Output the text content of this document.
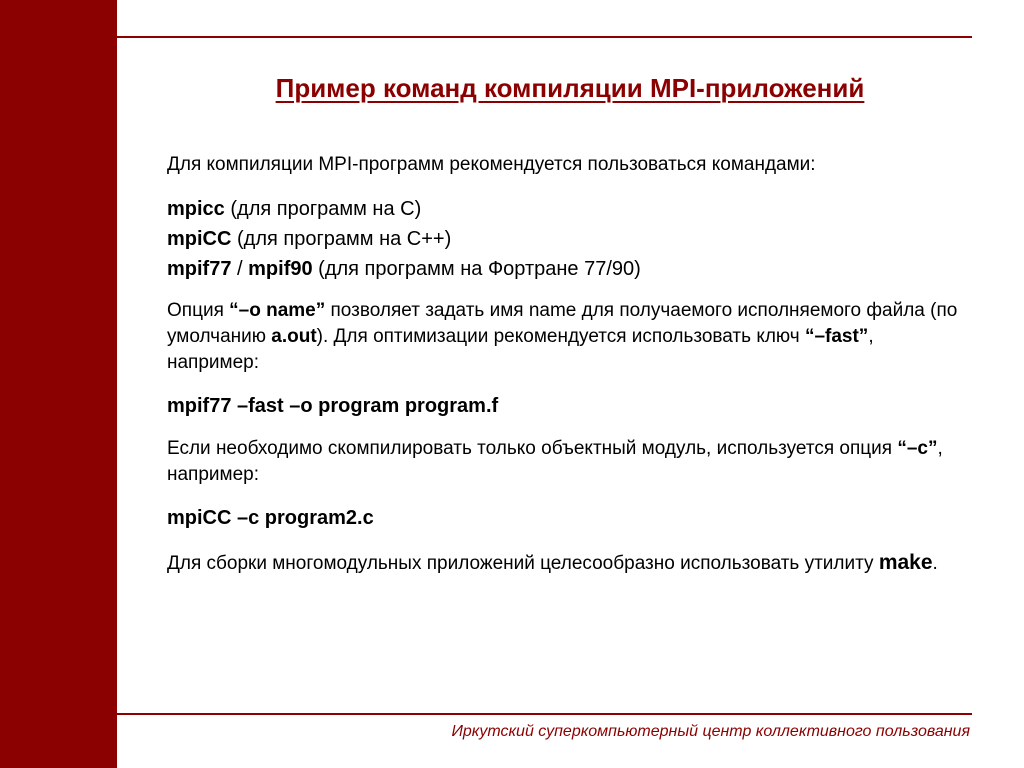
Пример команд компиляции MPI-приложений

Для компиляции MPI-программ рекомендуется пользоваться командами:

mpicc (для программ на C)
mpiCC (для программ на C++)
mpif77 / mpif90 (для программ на Фортране 77/90)

Опция “–o name” позволяет задать имя name для получаемого исполняемого файла (по умолчанию a.out). Для оптимизации рекомендуется использовать ключ “–fast”, например:

mpif77 –fast –o program program.f

Если необходимо скомпилировать только объектный модуль, используется опция “–c”, например:

mpiCC –c program2.c

Для сборки многомодульных приложений целесообразно использовать утилиту make.

Иркутский суперкомпьютерный центр коллективного пользования
